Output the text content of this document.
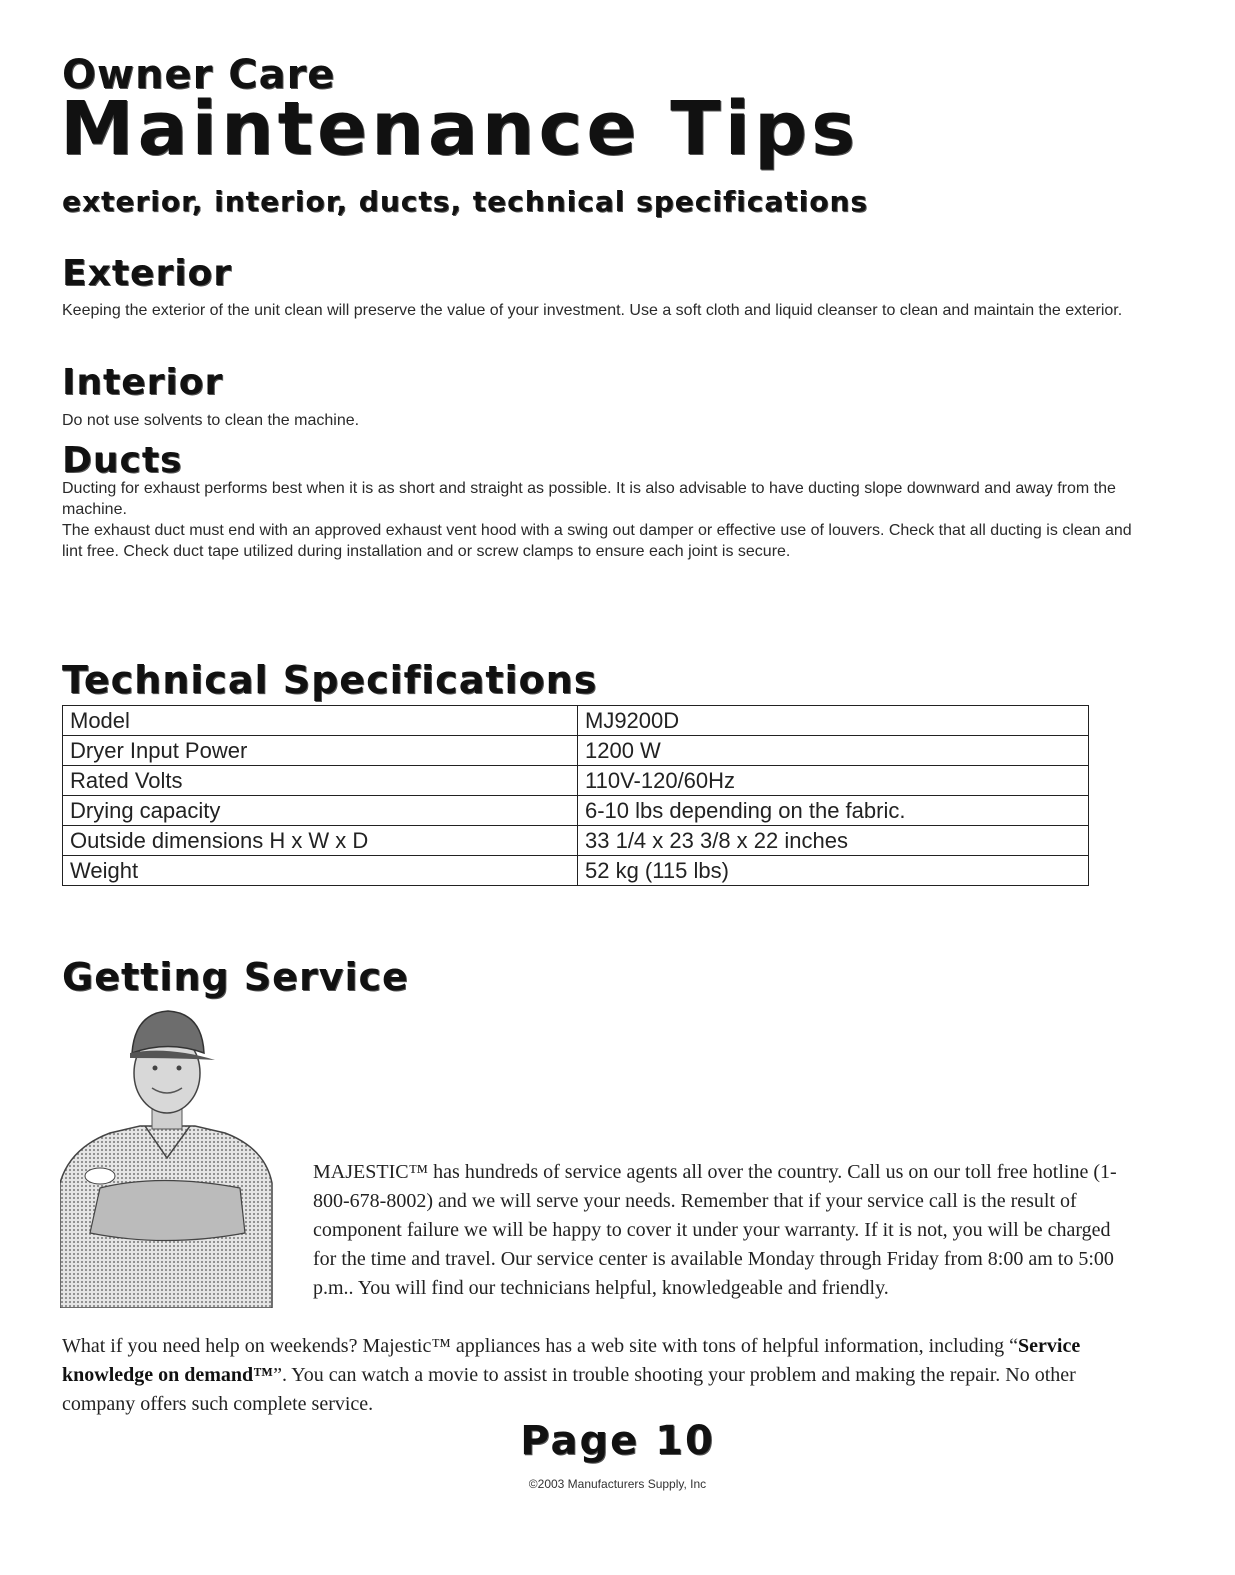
Owner Care
Maintenance Tips
exterior, interior, ducts, technical specifications
Exterior
Keeping the exterior of the unit clean will preserve the value of your investment. Use a soft cloth and liquid cleanser to clean and maintain the exterior.
Interior
Do not use solvents to clean the machine.
Ducts
Ducting for exhaust performs best when it is as short and straight as possible. It is also advisable to have ducting slope downward and away from the machine.
The exhaust duct must end with an approved exhaust vent hood with a swing out damper or effective use of louvers. Check that all ducting is clean and lint free. Check duct tape utilized during installation and or screw clamps to ensure each joint is secure.
Technical Specifications
Model	MJ9200D
Dryer Input Power	1200 W
Rated Volts	110V-120/60Hz
Drying capacity	6-10 lbs depending on the fabric.
Outside dimensions H x W x D	33 1/4 x 23 3/8 x 22 inches
Weight	52 kg (115 lbs)
Getting Service
MAJESTIC™ has hundreds of service agents all over the country. Call us on our toll free hotline (1-800-678-8002) and we will serve your needs. Remember that if your service call is the result of component failure we will be happy to cover it under your warranty. If it is not, you will be charged for the time and travel. Our service center is available Monday through Friday from 8:00 am to 5:00 p.m.. You will find our technicians helpful, knowledgeable and friendly.
What if you need help on weekends? Majestic™ appliances has a web site with tons of helpful information, including “Service knowledge on demand™”. You can watch a movie to assist in trouble shooting your problem and making the repair. No other company offers such complete service.
Page 10
©2003 Manufacturers Supply, Inc
